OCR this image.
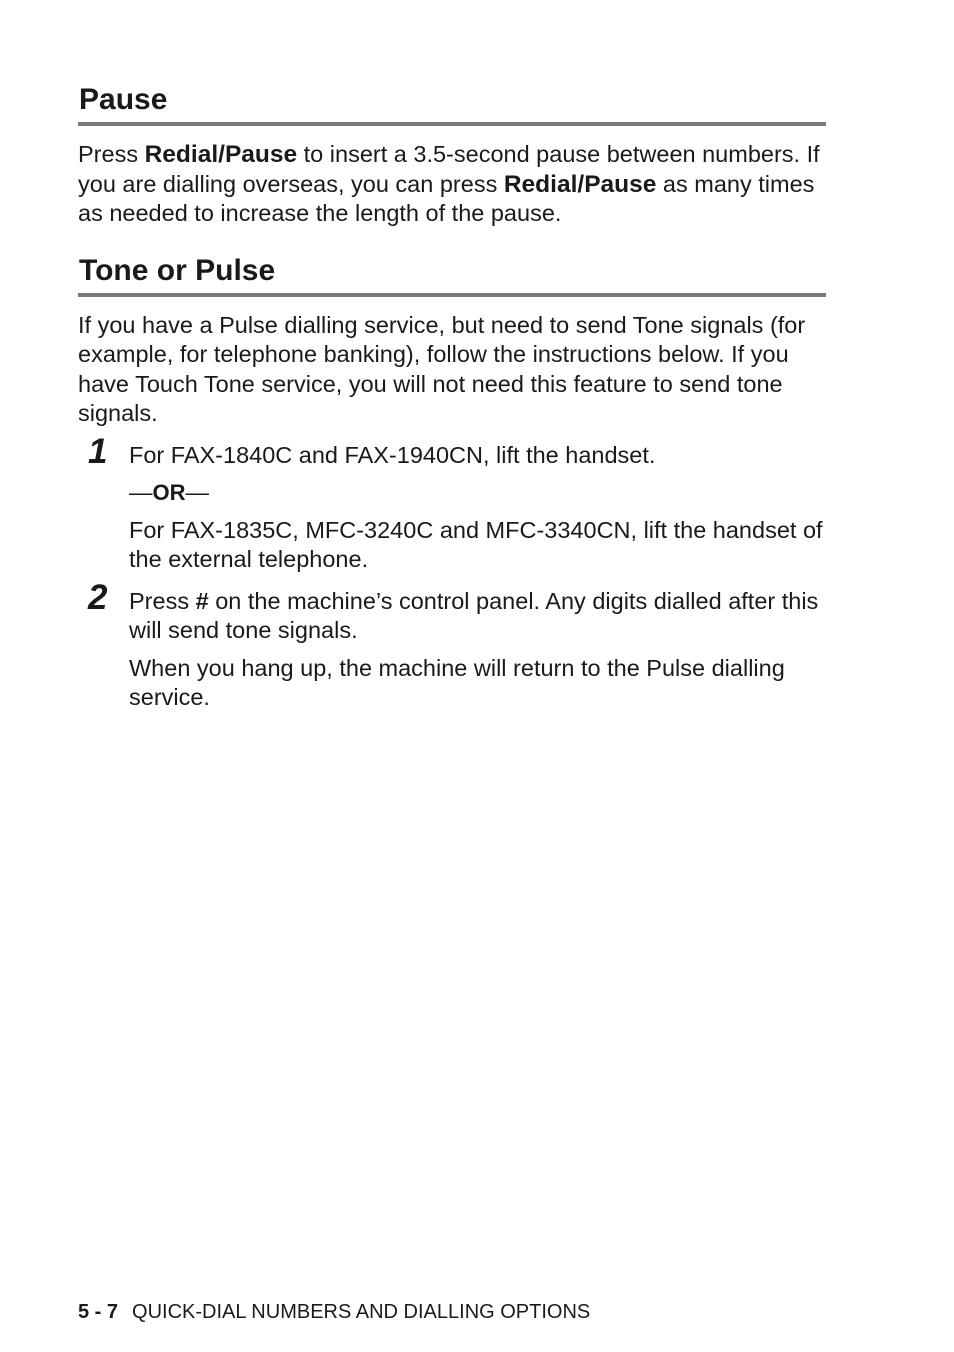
Pause

Press Redial/Pause to insert a 3.5-second pause between numbers. If you are dialling overseas, you can press Redial/Pause as many times as needed to increase the length of the pause.

Tone or Pulse

If you have a Pulse dialling service, but need to send Tone signals (for example, for telephone banking), follow the instructions below. If you have Touch Tone service, you will not need this feature to send tone signals.

1 For FAX-1840C and FAX-1940CN, lift the handset.

—OR—

For FAX-1835C, MFC-3240C and MFC-3340CN, lift the handset of the external telephone.

2 Press # on the machine’s control panel. Any digits dialled after this will send tone signals.

When you hang up, the machine will return to the Pulse dialling service.

5 - 7 QUICK-DIAL NUMBERS AND DIALLING OPTIONS
